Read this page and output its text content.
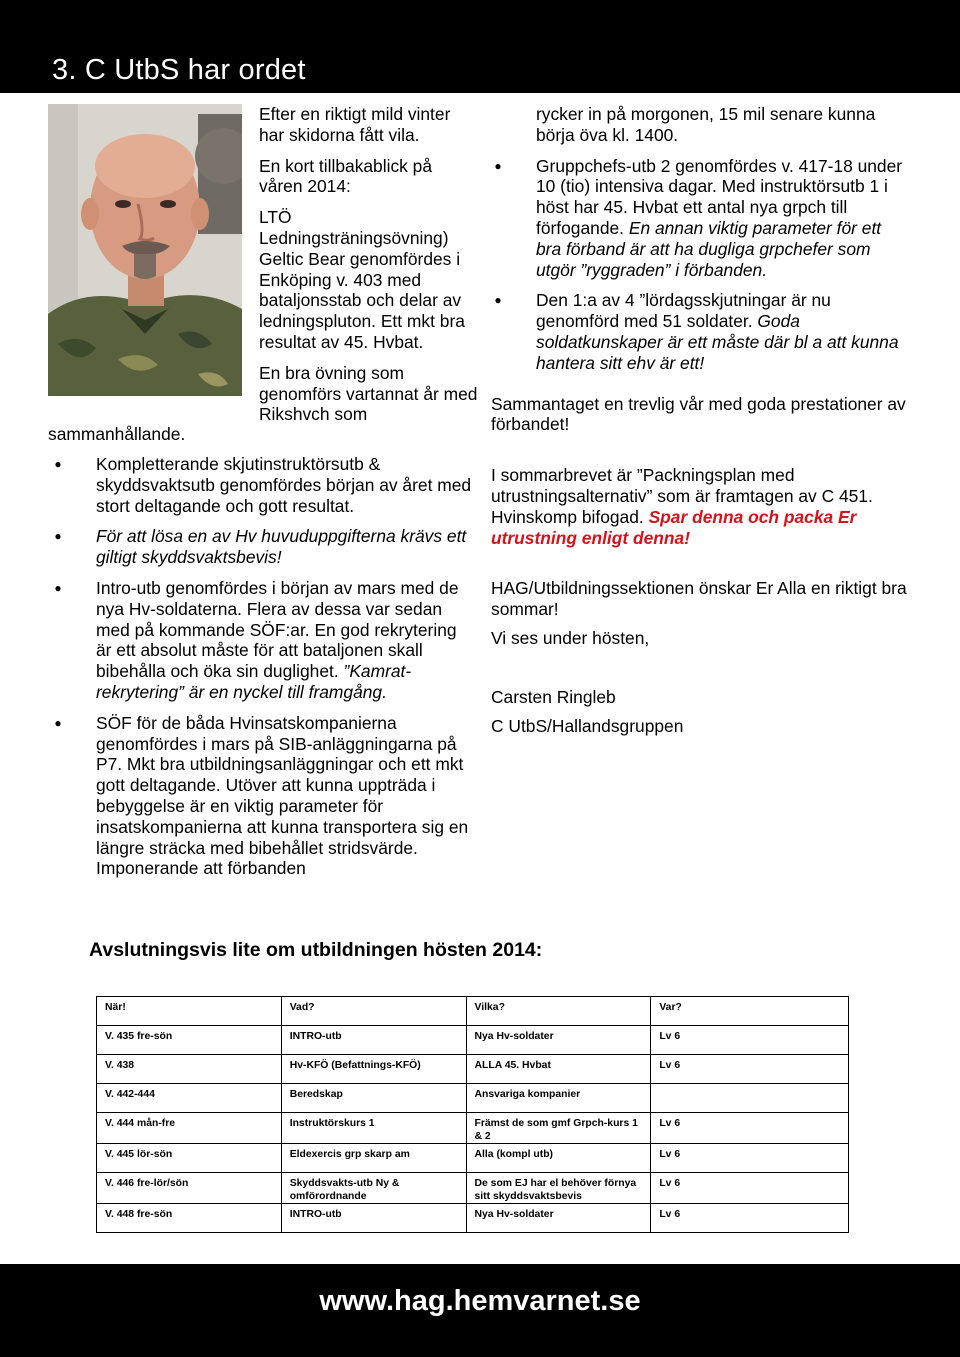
3. C UtbS har ordet

Efter en riktigt mild vinter har skidorna fått vila.

En kort tillbakablick på våren 2014:

LTÖ Ledningsträningsövning) Geltic Bear genomfördes i Enköping v. 403 med bataljonsstab och delar av ledningspluton. Ett mkt bra resultat av 45. Hvbat.

En bra övning som genomförs vartannat år med Rikshvch som

sammanhållande.
● Kompletterande skjutinstruktörsutb & skyddsvaktsutb genomfördes början av året med stort deltagande och gott resultat.
● För att lösa en av Hv huvuduppgifterna krävs ett giltigt skyddsvaktsbevis!
● Intro-utb genomfördes i början av mars med de nya Hv-soldaterna. Flera av dessa var sedan med på kommande SÖF:ar. En god rekrytering är ett absolut måste för att bataljonen skall bibehålla och öka sin duglighet. ”Kamrat-rekrytering” är en nyckel till framgång.
● SÖF för de båda Hvinsatskompanierna genomfördes i mars på SIB-anläggningarna på P7. Mkt bra utbildningsanläggningar och ett mkt gott deltagande. Utöver att kunna uppträda i bebyggelse är en viktig parameter för insatskompanierna att kunna transportera sig en längre sträcka med bibehållet stridsvärde. Imponerande att förbanden

rycker in på morgonen, 15 mil senare kunna börja öva kl. 1400.

● Gruppchefs-utb 2 genomfördes v. 417-18 under 10 (tio) intensiva dagar. Med instruktörsutb 1 i höst har 45. Hvbat ett antal nya grpch till förfogande. En annan viktig parameter för ett bra förband är att ha dugliga grpchefer som utgör ”ryggraden” i förbanden.
● Den 1:a av 4 ”lördagsskjutningar är nu genomförd med 51 soldater. Goda soldatkunskaper är ett måste där bl a att kunna hantera sitt ehv är ett!

Sammantaget en trevlig vår med goda prestationer av förbandet!

I sommarbrevet är ”Packningsplan med utrustningsalternativ” som är framtagen av C 451. Hvinskomp bifogad. Spar denna och packa Er utrustning enligt denna!

HAG/Utbildningssektionen önskar Er Alla en riktigt bra sommar!

Vi ses under hösten,

Carsten Ringleb

C UtbS/Hallandsgruppen

Avslutningsvis lite om utbildningen hösten 2014:
När!	Vad?	Vilka?	Var?
V. 435 fre-sön	INTRO-utb	Nya Hv-soldater	Lv 6
V. 438	Hv-KFÖ (Befattnings-KFÖ)	ALLA 45. Hvbat	Lv 6
V. 442-444	Beredskap	Ansvariga kompanier	
V. 444 mån-fre	Instruktörskurs 1	Främst de som gmf Grpch-kurs 1 & 2	Lv 6
V. 445 lör-sön	Eldexercis grp skarp am	Alla (kompl utb)	Lv 6
V. 446 fre-lör/sön	Skyddsvakts-utb Ny & omförordnande	De som EJ har el behöver förnya sitt skyddsvaktsbevis	Lv 6
V. 448 fre-sön	INTRO-utb	Nya Hv-soldater	Lv 6
www.hag.hemvarnet.se
